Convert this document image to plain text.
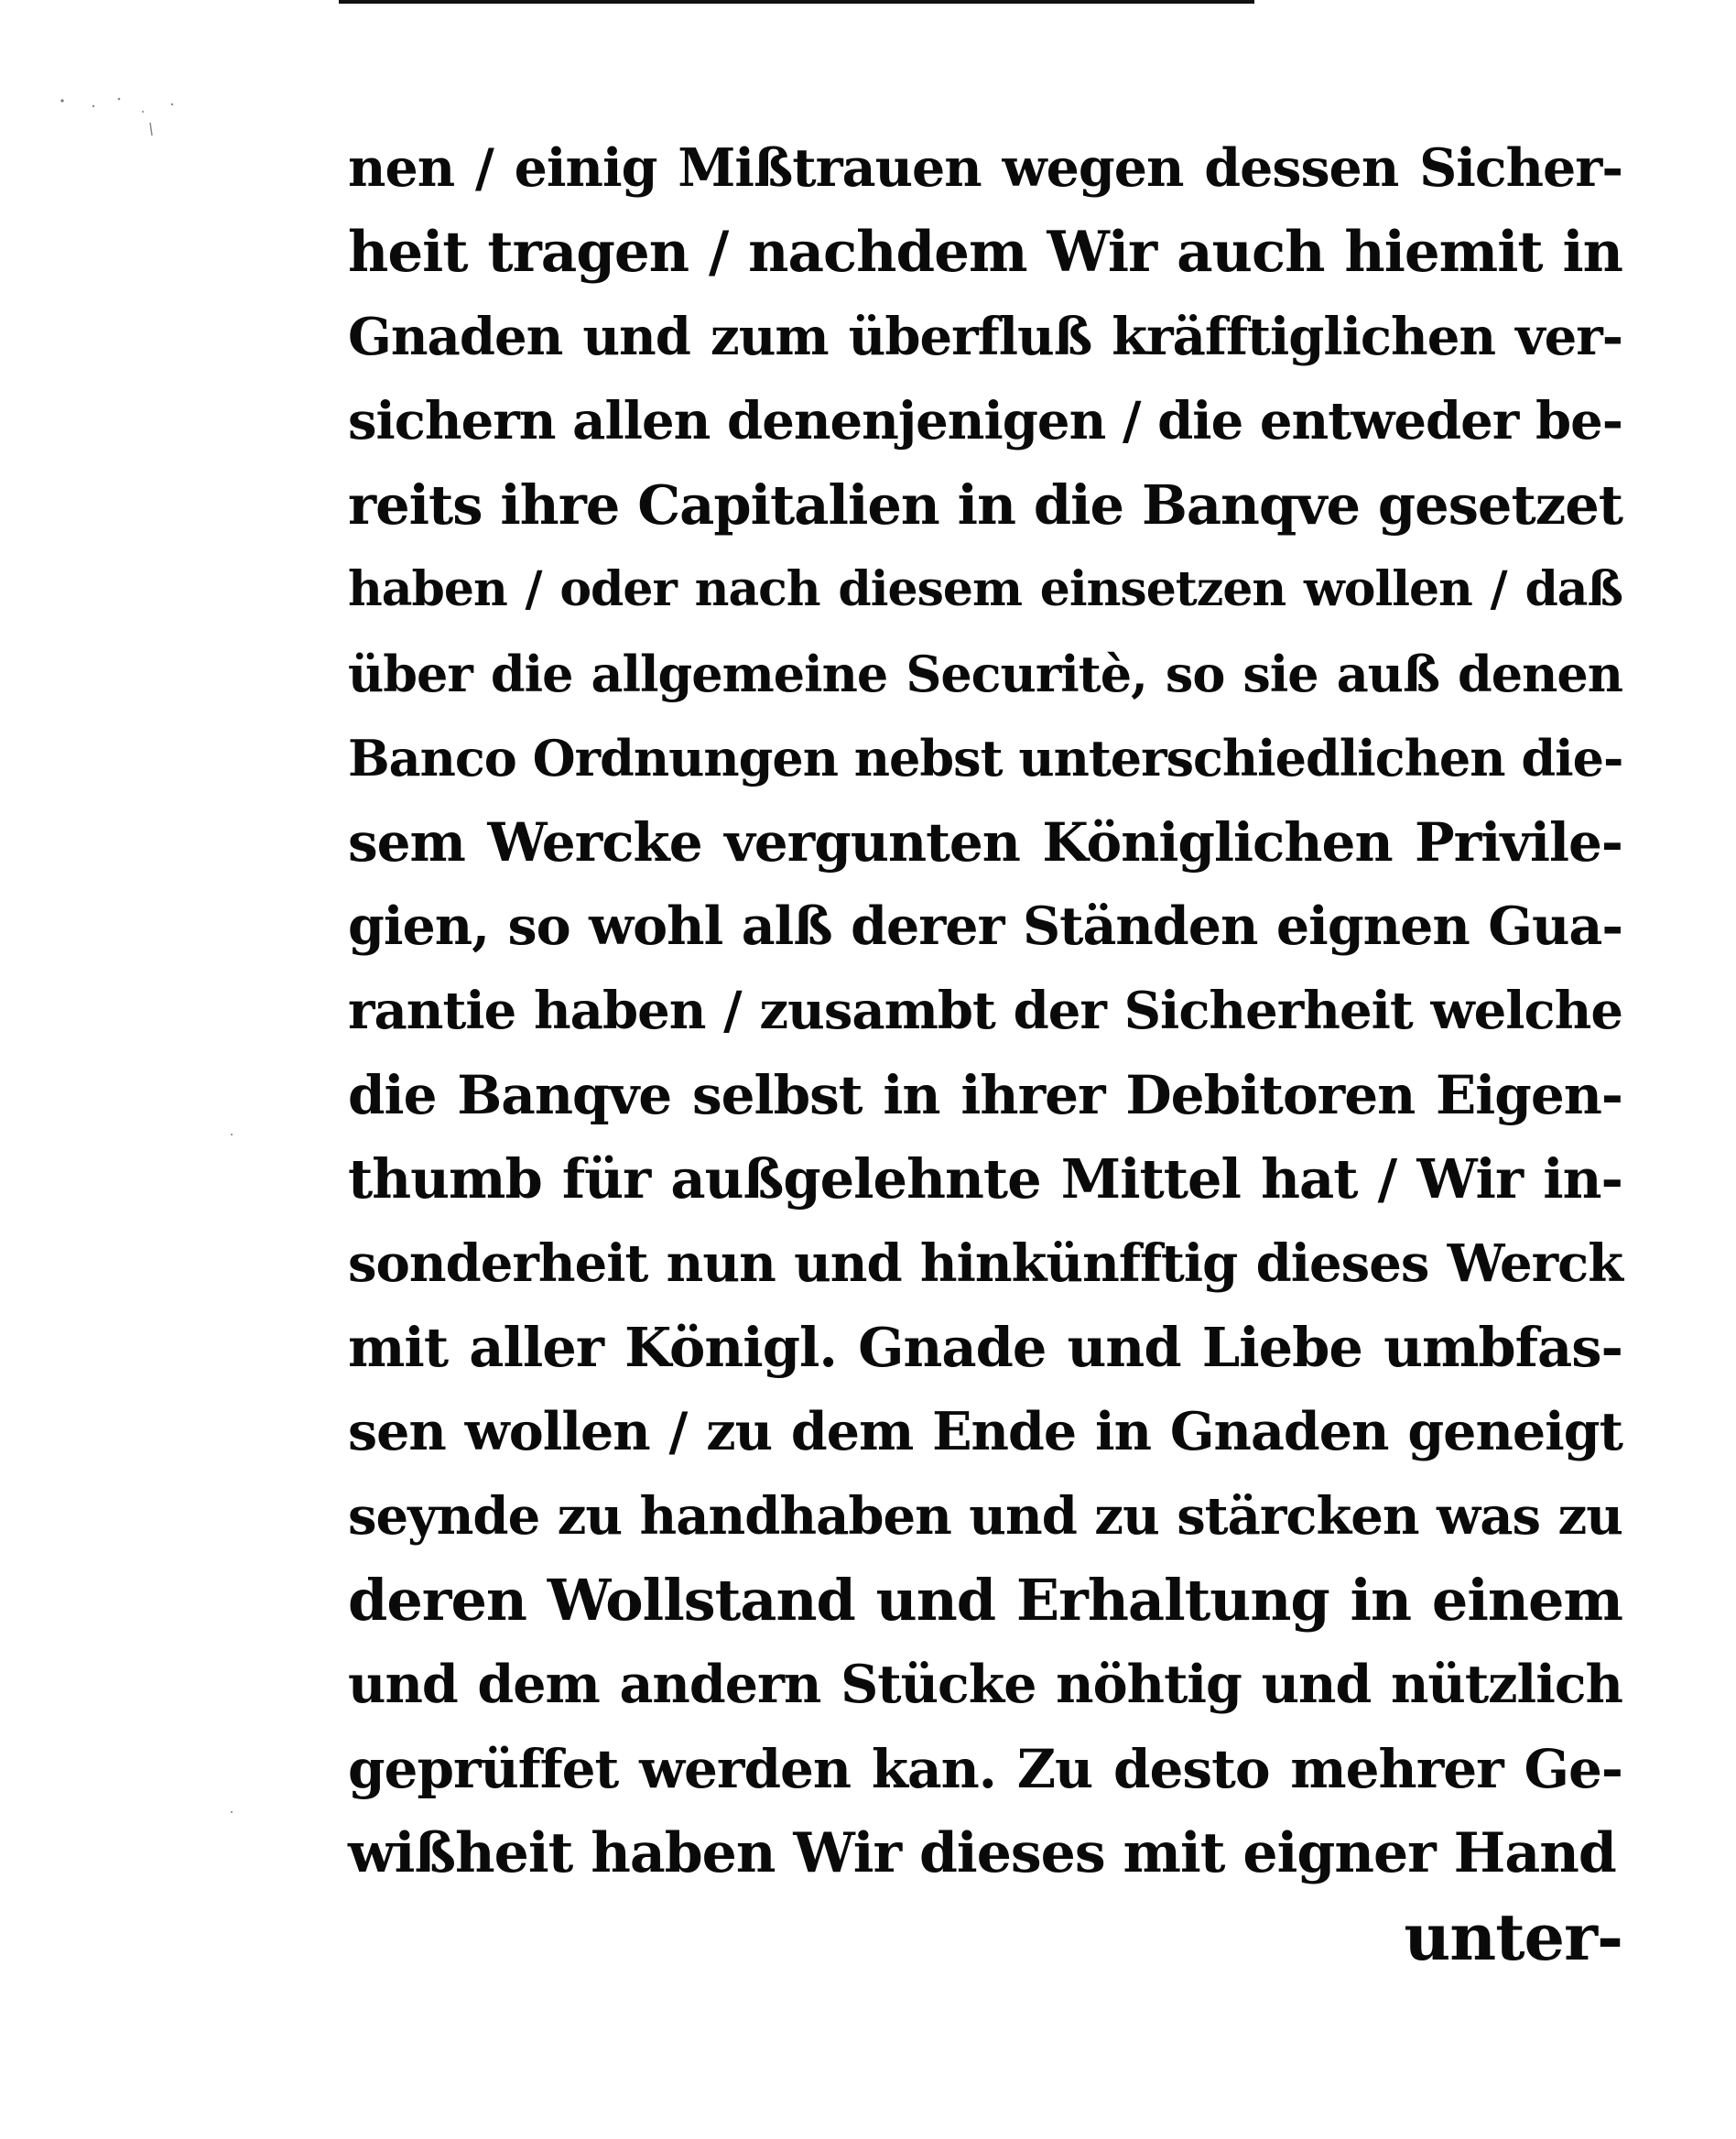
nen / einig Mißtrauen wegen dessen Sicher-
heit tragen / nachdem Wir auch hiemit in
Gnaden und zum überfluß kräfftiglichen ver-
sichern allen denenjenigen / die entweder be-
reits ihre Capitalien in die Banqve gesetzet
haben / oder nach diesem einsetzen wollen / daß
über die allgemeine Securitè, so sie auß denen
Banco Ordnungen nebst unterschiedlichen die-
sem Wercke vergunten Königlichen Privile-
gien, so wohl alß derer Ständen eignen Gua-
rantie haben / zusambt der Sicherheit welche
die Banqve selbst in ihrer Debitoren Eigen-
thumb für außgelehnte Mittel hat / Wir in-
sonderheit nun und hinkünfftig dieses Werck
mit aller Königl. Gnade und Liebe umbfas-
sen wollen / zu dem Ende in Gnaden geneigt
seynde zu handhaben und zu stärcken was zu
deren Wollstand und Erhaltung in einem
und dem andern Stücke nöhtig und nützlich
geprüffet werden kan. Zu desto mehrer Ge-
wißheit haben Wir dieses mit eigner Hand
unter-
